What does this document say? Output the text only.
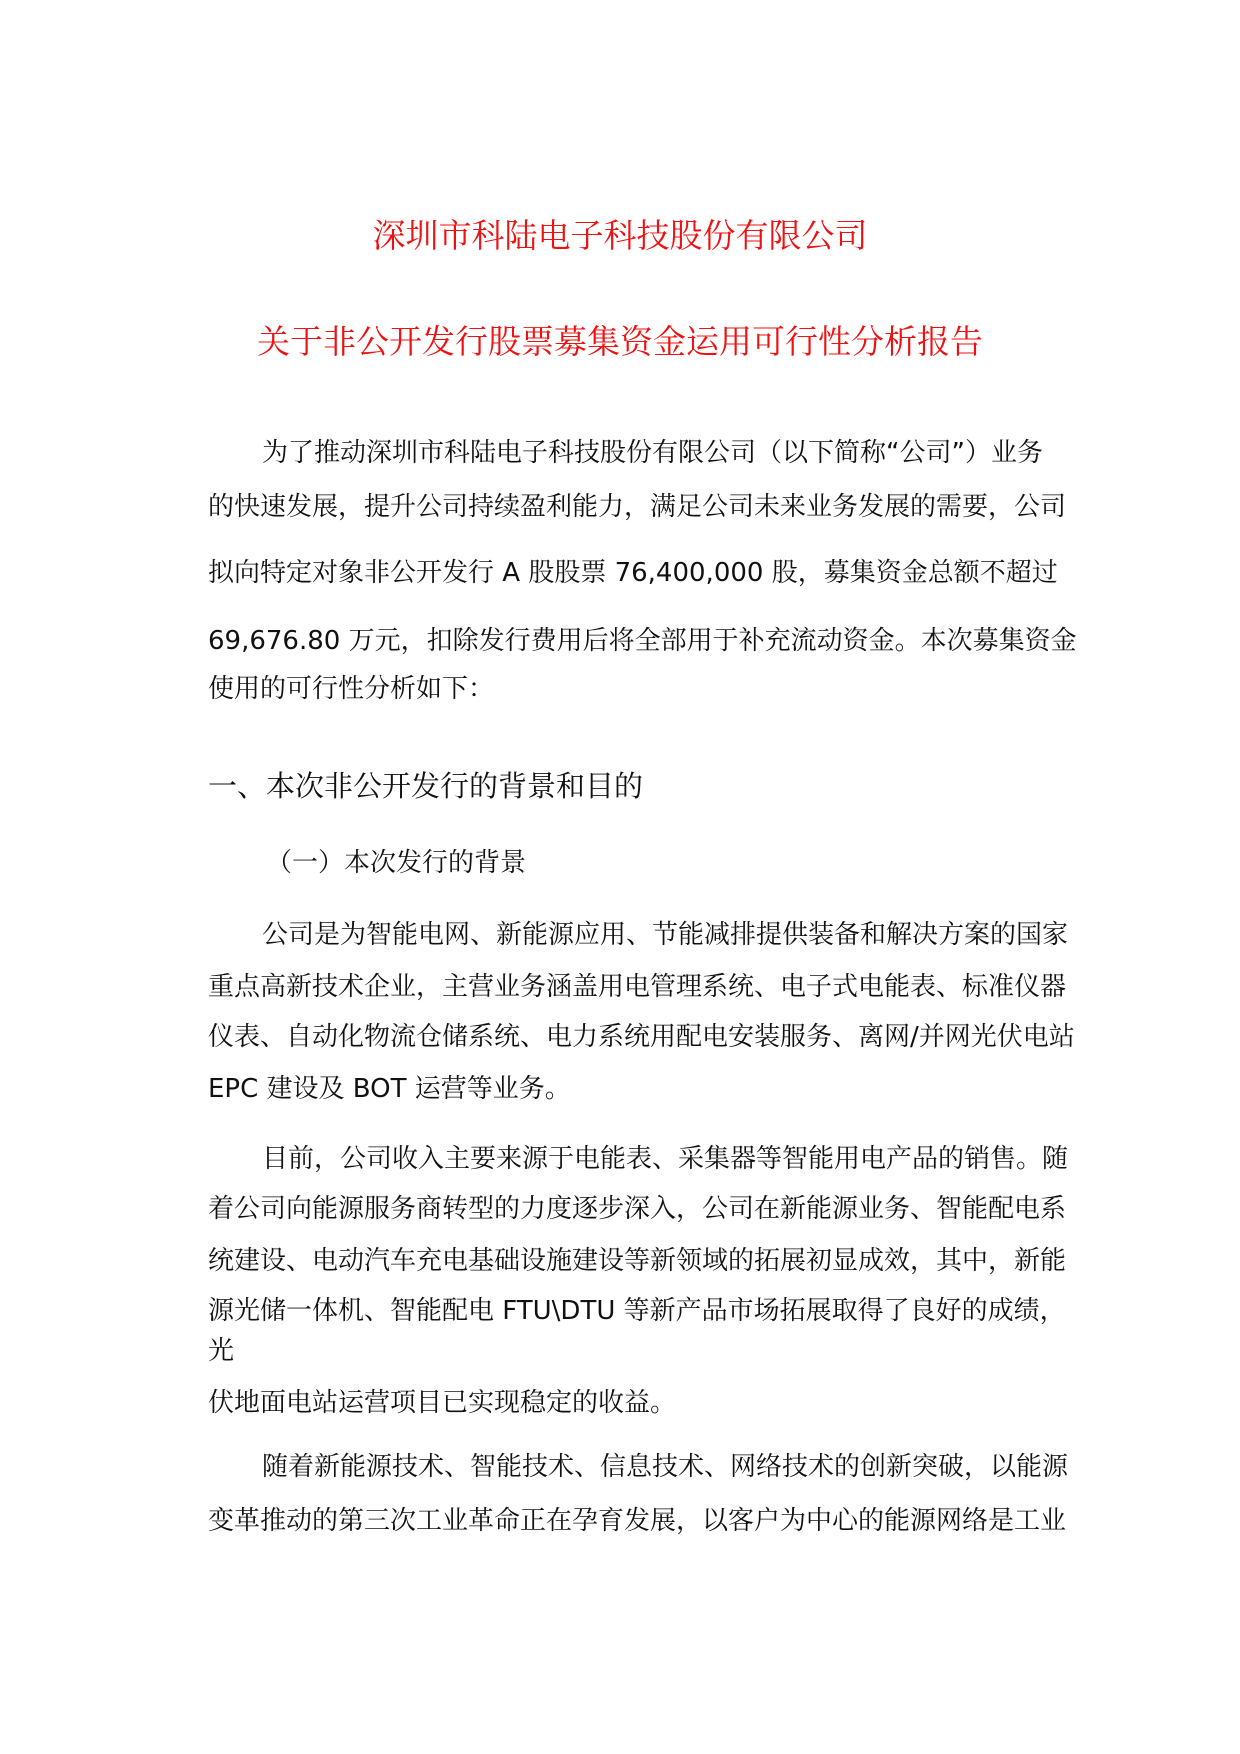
深圳市科陆电子科技股份有限公司
关于非公开发行股票募集资金运用可行性分析报告
为了推动深圳市科陆电子科技股份有限公司（以下简称“公司”）业务
的快速发展，提升公司持续盈利能力，满足公司未来业务发展的需要，公司
拟向特定对象非公开发行 A 股股票 76,400,000 股，募集资金总额不超过
69,676.80 万元，扣除发行费用后将全部用于补充流动资金。本次募集资金
使用的可行性分析如下：
一、本次非公开发行的背景和目的
（一）本次发行的背景
公司是为智能电网、新能源应用、节能减排提供装备和解决方案的国家
重点高新技术企业，主营业务涵盖用电管理系统、电子式电能表、标准仪器
仪表、自动化物流仓储系统、电力系统用配电安装服务、离网/并网光伏电站
EPC 建设及 BOT 运营等业务。
目前，公司收入主要来源于电能表、采集器等智能用电产品的销售。随
着公司向能源服务商转型的力度逐步深入，公司在新能源业务、智能配电系
统建设、电动汽车充电基础设施建设等新领域的拓展初显成效，其中，新能
源光储一体机、智能配电 FTU\DTU 等新产品市场拓展取得了良好的成绩，
光
伏地面电站运营项目已实现稳定的收益。
随着新能源技术、智能技术、信息技术、网络技术的创新突破，以能源
变革推动的第三次工业革命正在孕育发展，以客户为中心的能源网络是工业
